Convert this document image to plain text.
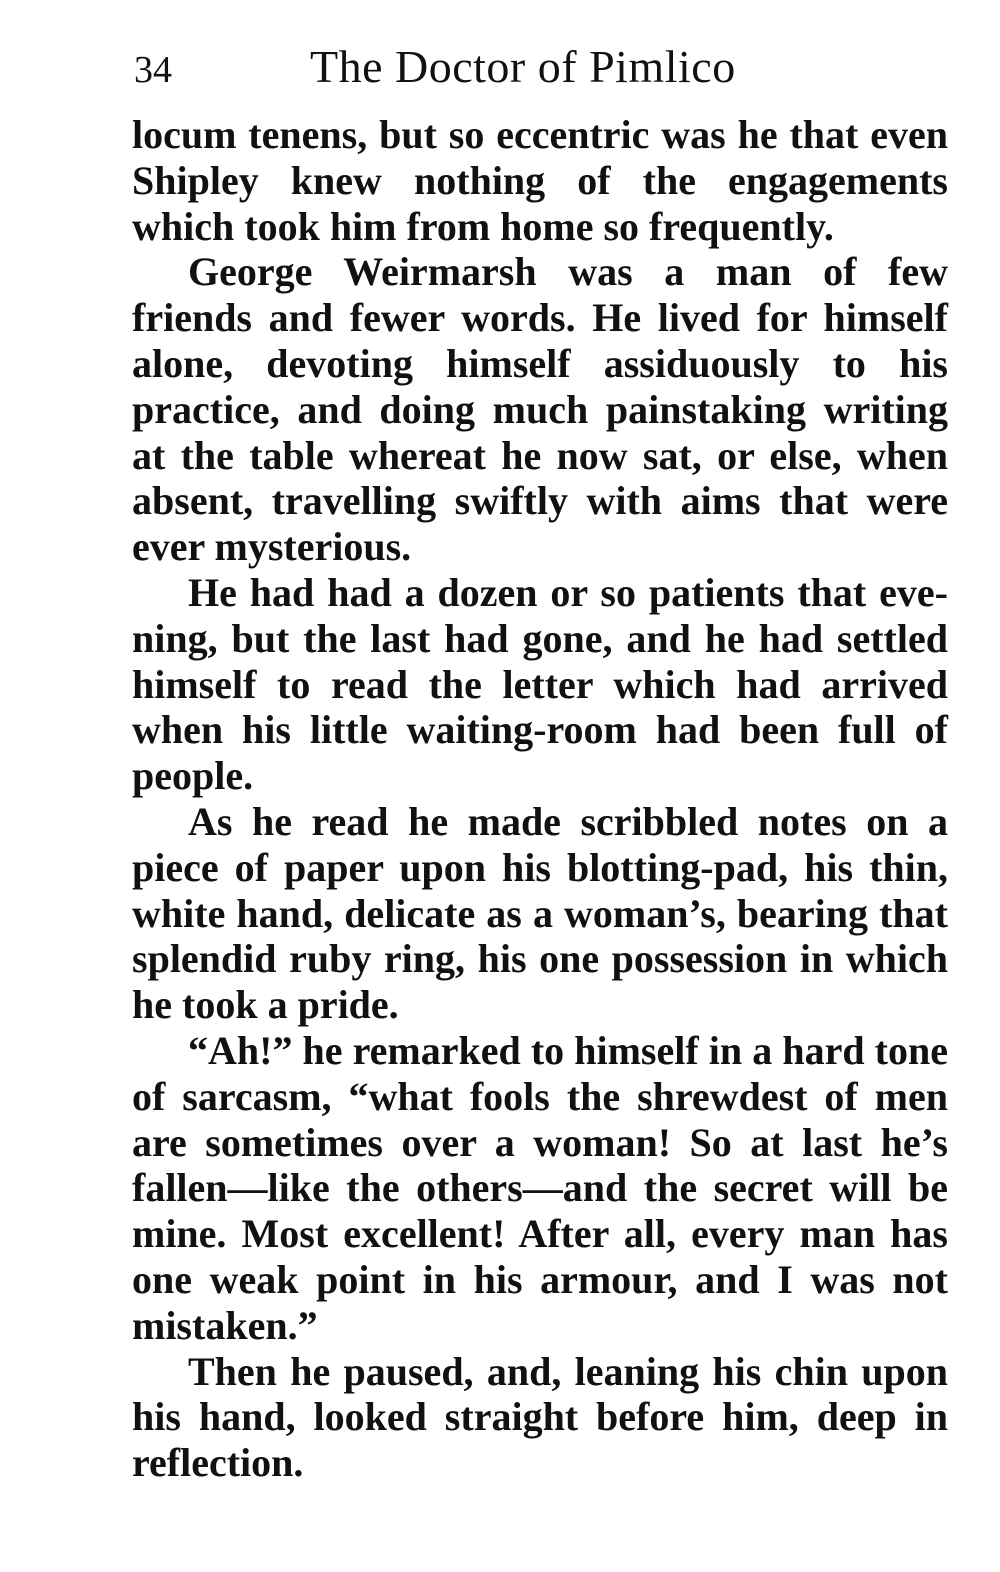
34	The Doctor of Pimlico

locum tenens, but so eccentric was he that even Shipley knew nothing of the engagements which took him from home so frequently.

George Weirmarsh was a man of few friends and fewer words. He lived for himself alone, devoting himself assiduously to his practice, and doing much painstaking writing at the table whereat he now sat, or else, when absent, travelling swiftly with aims that were ever mysterious.

He had had a dozen or so patients that evening, but the last had gone, and he had settled himself to read the letter which had arrived when his little waiting-room had been full of people.

As he read he made scribbled notes on a piece of paper upon his blotting-pad, his thin, white hand, delicate as a woman’s, bearing that splendid ruby ring, his one possession in which he took a pride.

“Ah!” he remarked to himself in a hard tone of sarcasm, “what fools the shrewdest of men are sometimes over a woman! So at last he’s fallen—like the others—and the secret will be mine. Most excellent! After all, every man has one weak point in his armour, and I was not mistaken.”

Then he paused, and, leaning his chin upon his hand, looked straight before him, deep in reflection.
